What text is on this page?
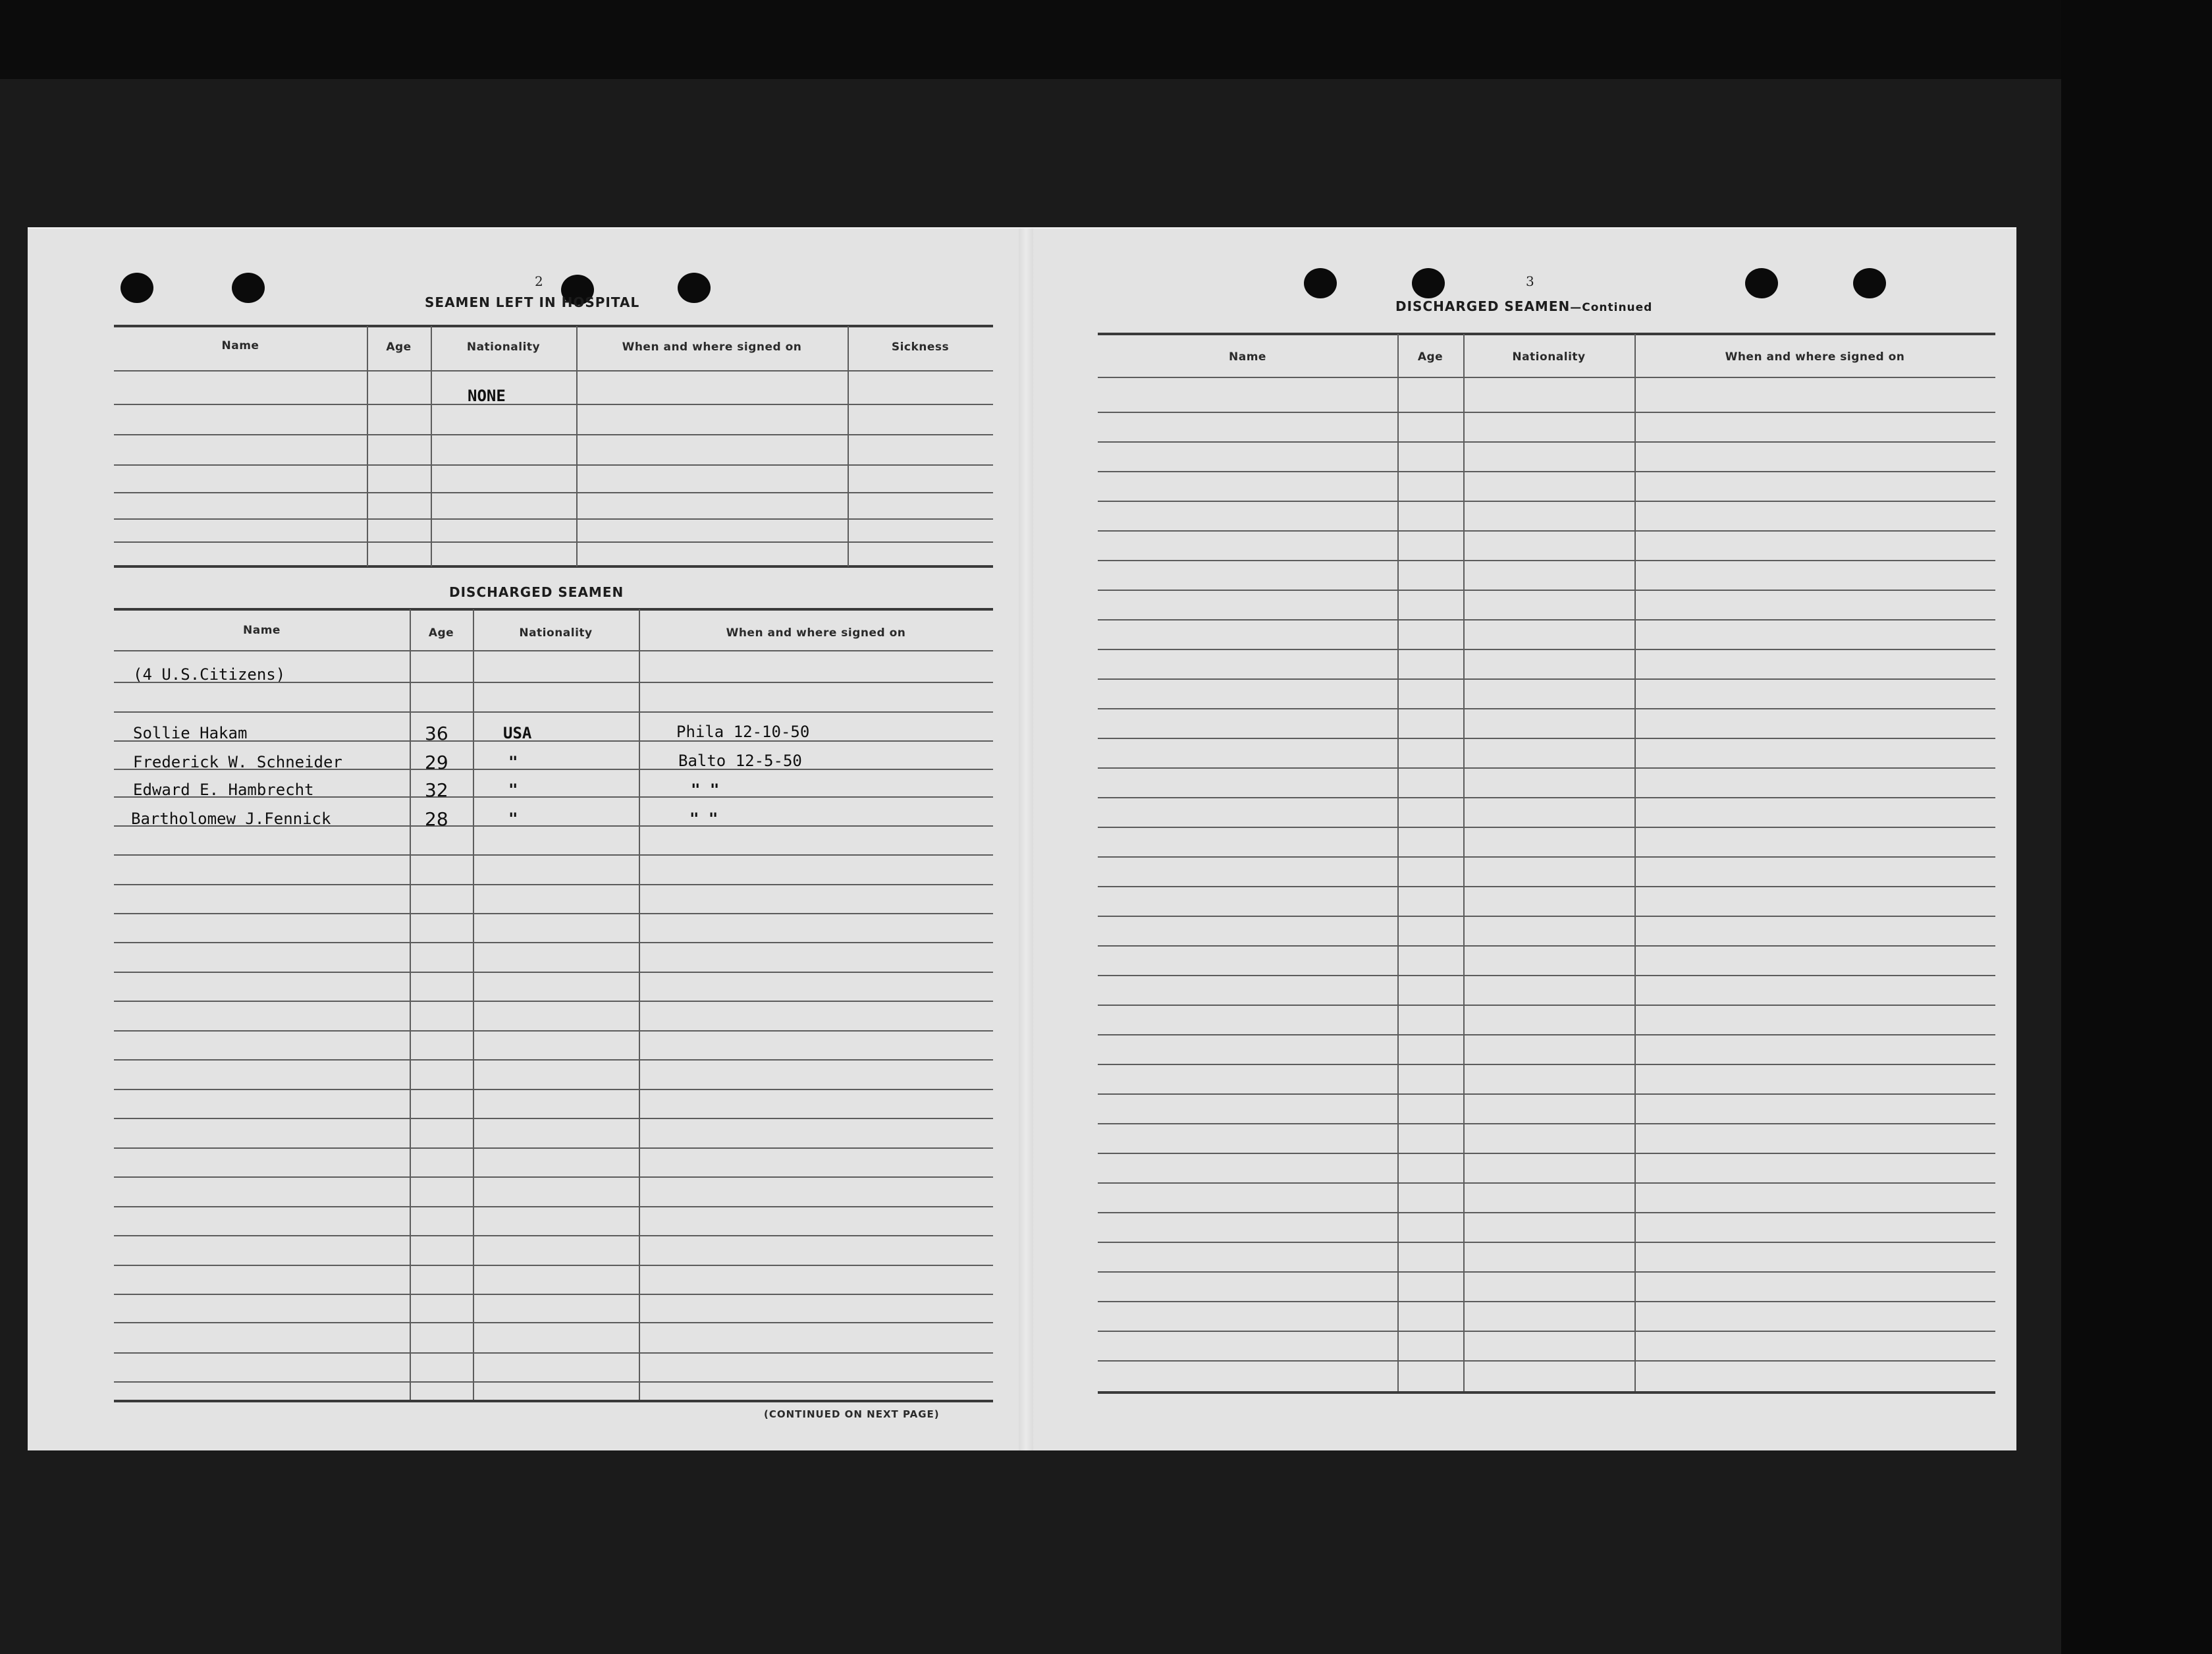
2
SEAMEN LEFT IN HOSPITAL
Name	Age	Nationality	When and where signed on	Sickness
NONE
DISCHARGED SEAMEN
Name	Age	Nationality	When and where signed on
(4 U.S.Citizens)
Sollie Hakam	36	USA	Phila 12-10-50
Frederick W. Schneider	29	"	Balto 12-5-50
Edward E. Hambrecht	32	"	" "
Bartholomew J.Fennick	28	"	" "
(CONTINUED ON NEXT PAGE)
3
DISCHARGED SEAMEN—Continued
Name	Age	Nationality	When and where signed on
